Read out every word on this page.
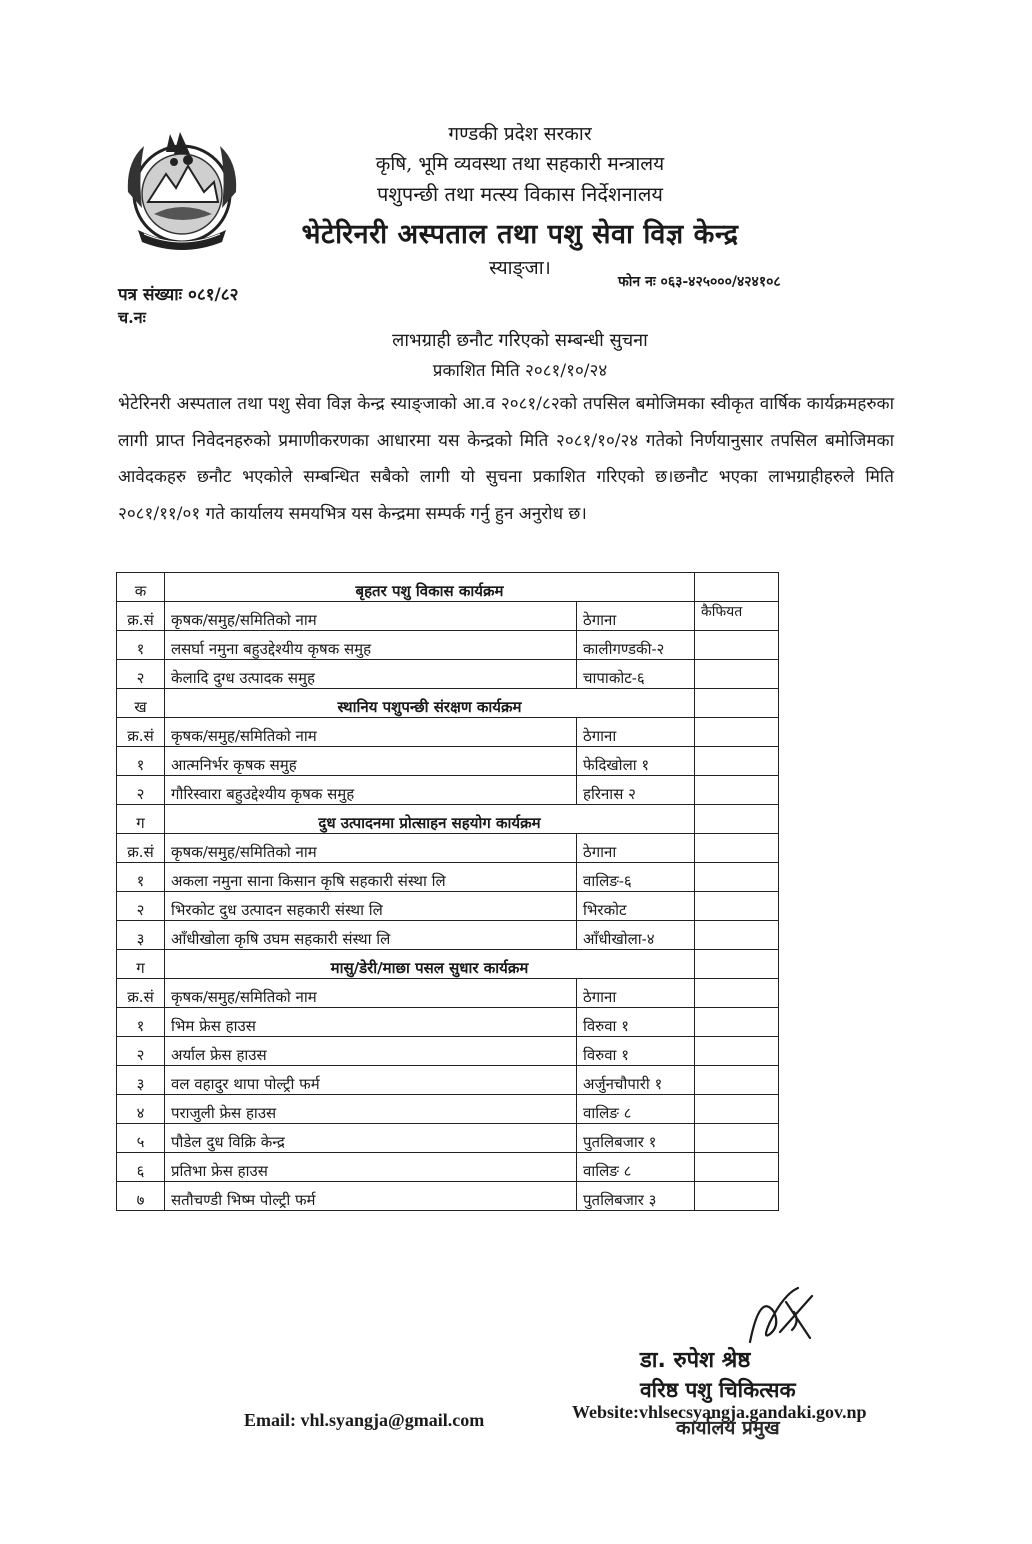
गण्डकी प्रदेश सरकार
कृषि, भूमि व्यवस्था तथा सहकारी मन्त्रालय
पशुपन्छी तथा मत्स्य विकास निर्देशनालय
भेटेरिनरी अस्पताल तथा पशु सेवा विज्ञ केन्द्र
स्याङ्जा।
पत्र संख्याः ०८१/८२
च.नः
फोन नः ०६३-४२५०००/४२४१०८
लाभग्राही छनौट गरिएको सम्बन्धी सुचना
प्रकाशित मिति २०८१/१०/२४
भेटेरिनरी अस्पताल तथा पशु सेवा विज्ञ केन्द्र स्याङ्जाको आ.व २०८१/८२को तपसिल बमोजिमका स्वीकृत वार्षिक कार्यक्रमहरुका लागी प्राप्त निवेदनहरुको प्रमाणीकरणका आधारमा यस केन्द्रको मिति २०८१/१०/२४ गतेको निर्णयानुसार तपसिल बमोजिमका आवेदकहरु छनौट भएकोले सम्बन्धित सबैको लागी यो सुचना प्रकाशित गरिएको छ।छनौट भएका लाभग्राहीहरुले मिति २०८१/११/०१ गते कार्यालय समयभित्र यस केन्द्रमा सम्पर्क गर्नु हुन अनुरोध छ।
क	बृहतर पशु विकास कार्यक्रम		
क्र.सं	कृषक/समुह/समितिको नाम	ठेगाना	कैफियत
१	लसर्घा नमुना बहुउद्देश्यीय कृषक समुह	कालीगण्डकी-२	
२	केलादि दुग्ध उत्पादक समुह	चापाकोट-६	
ख	स्थानिय पशुपन्छी संरक्षण कार्यक्रम		
क्र.सं	कृषक/समुह/समितिको नाम	ठेगाना	
१	आत्मनिर्भर कृषक समुह	फेदिखोला १	
२	गौरिस्वारा बहुउद्देश्यीय कृषक समुह	हरिनास २	
ग	दुध उत्पादनमा प्रोत्साहन सहयोग कार्यक्रम		
क्र.सं	कृषक/समुह/समितिको नाम	ठेगाना	
१	अकला नमुना साना किसान कृषि सहकारी संस्था लि	वालिङ-६	
२	भिरकोट दुध उत्पादन सहकारी संस्था लि	भिरकोट	
३	आँधीखोला कृषि उघम सहकारी संस्था लि	आँधीखोला-४	
ग	मासु/डेरी/माछा पसल सुधार कार्यक्रम		
क्र.सं	कृषक/समुह/समितिको नाम	ठेगाना	
१	भिम फ्रेस हाउस	विरुवा १	
२	अर्याल फ्रेस हाउस	विरुवा १	
३	वल वहादुर थापा पोल्ट्री फर्म	अर्जुनचौपारी १	
४	पराजुली फ्रेस हाउस	वालिङ ८	
५	पौडेल दुध विक्रि केन्द्र	पुतलिबजार १	
६	प्रतिभा फ्रेस हाउस	वालिङ ८	
७	सतौचण्डी भिष्म पोल्ट्री फर्म	पुतलिबजार ३	
डा. रुपेश श्रेष्ठ
वरिष्ठ पशु चिकित्सक
कार्यालय प्रमुख
Email: vhl.syangja@gmail.com	Website:vhlsecsyangja.gandaki.gov.np
